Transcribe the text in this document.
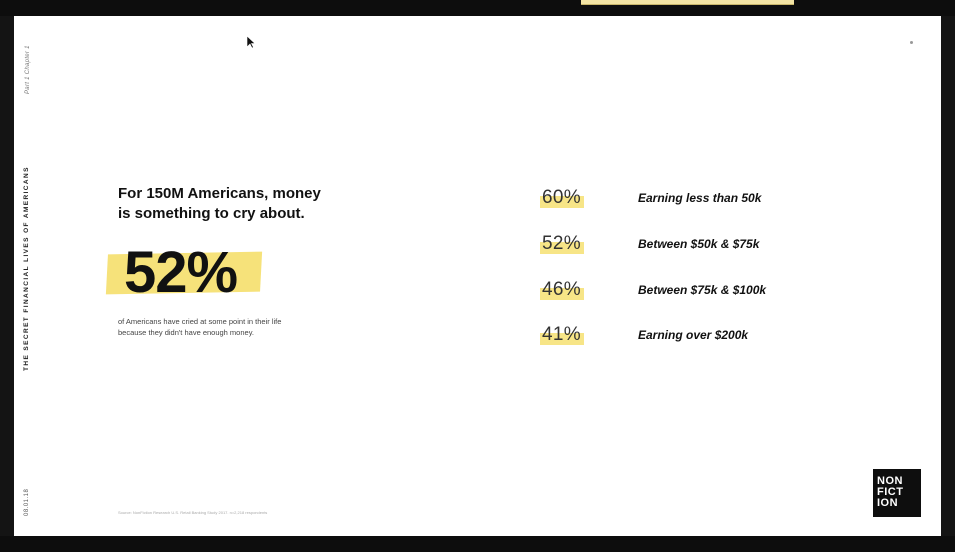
Part 1 Chapter 1
THE SECRET FINANCIAL LIVES OF AMERICANS
08.01.18
For 150M Americans, money
is something to cry about.
52%
of Americans have cried at some point in their life
because they didn't have enough money.
60%	Earning less than 50k
52%	Between $50k & $75k
46%	Between $75k & $100k
41%	Earning over $200k
Source: NonFiction Research U.S. Retail Banking Study 2017. n=2,218 respondents
NON
FICT
ION
